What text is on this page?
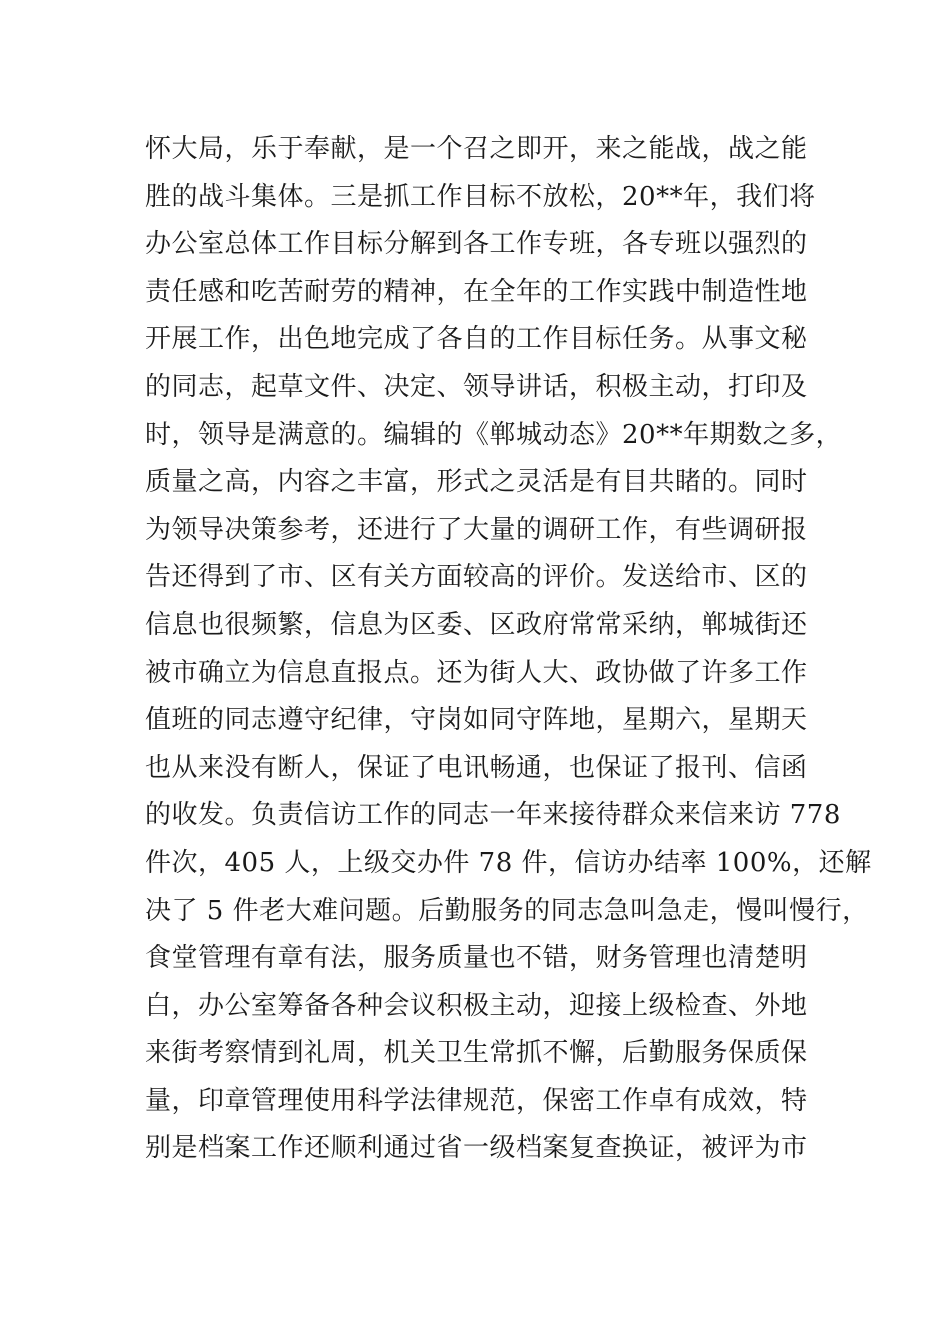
怀大局，乐于奉献，是一个召之即开，来之能战，战之能
胜的战斗集体。三是抓工作目标不放松，20**年，我们将
办公室总体工作目标分解到各工作专班，各专班以强烈的
责任感和吃苦耐劳的精神，在全年的工作实践中制造性地
开展工作，出色地完成了各自的工作目标任务。从事文秘
的同志，起草文件、决定、领导讲话，积极主动，打印及
时，领导是满意的。编辑的《郸城动态》20**年期数之多，
质量之高，内容之丰富，形式之灵活是有目共睹的。同时
为领导决策参考，还进行了大量的调研工作，有些调研报
告还得到了市、区有关方面较高的评价。发送给市、区的
信息也很频繁，信息为区委、区政府常常采纳，郸城街还
被市确立为信息直报点。还为街人大、政协做了许多工作
值班的同志遵守纪律，守岗如同守阵地，星期六，星期天
也从来没有断人，保证了电讯畅通，也保证了报刊、信函
的收发。负责信访工作的同志一年来接待群众来信来访 778
件次，405 人，上级交办件 78 件，信访办结率 100%，还解
决了 5 件老大难问题。后勤服务的同志急叫急走，慢叫慢行，
食堂管理有章有法，服务质量也不错，财务管理也清楚明
白，办公室筹备各种会议积极主动，迎接上级检查、外地
来街考察情到礼周，机关卫生常抓不懈，后勤服务保质保
量，印章管理使用科学法律规范，保密工作卓有成效，特
别是档案工作还顺利通过省一级档案复查换证，被评为市
